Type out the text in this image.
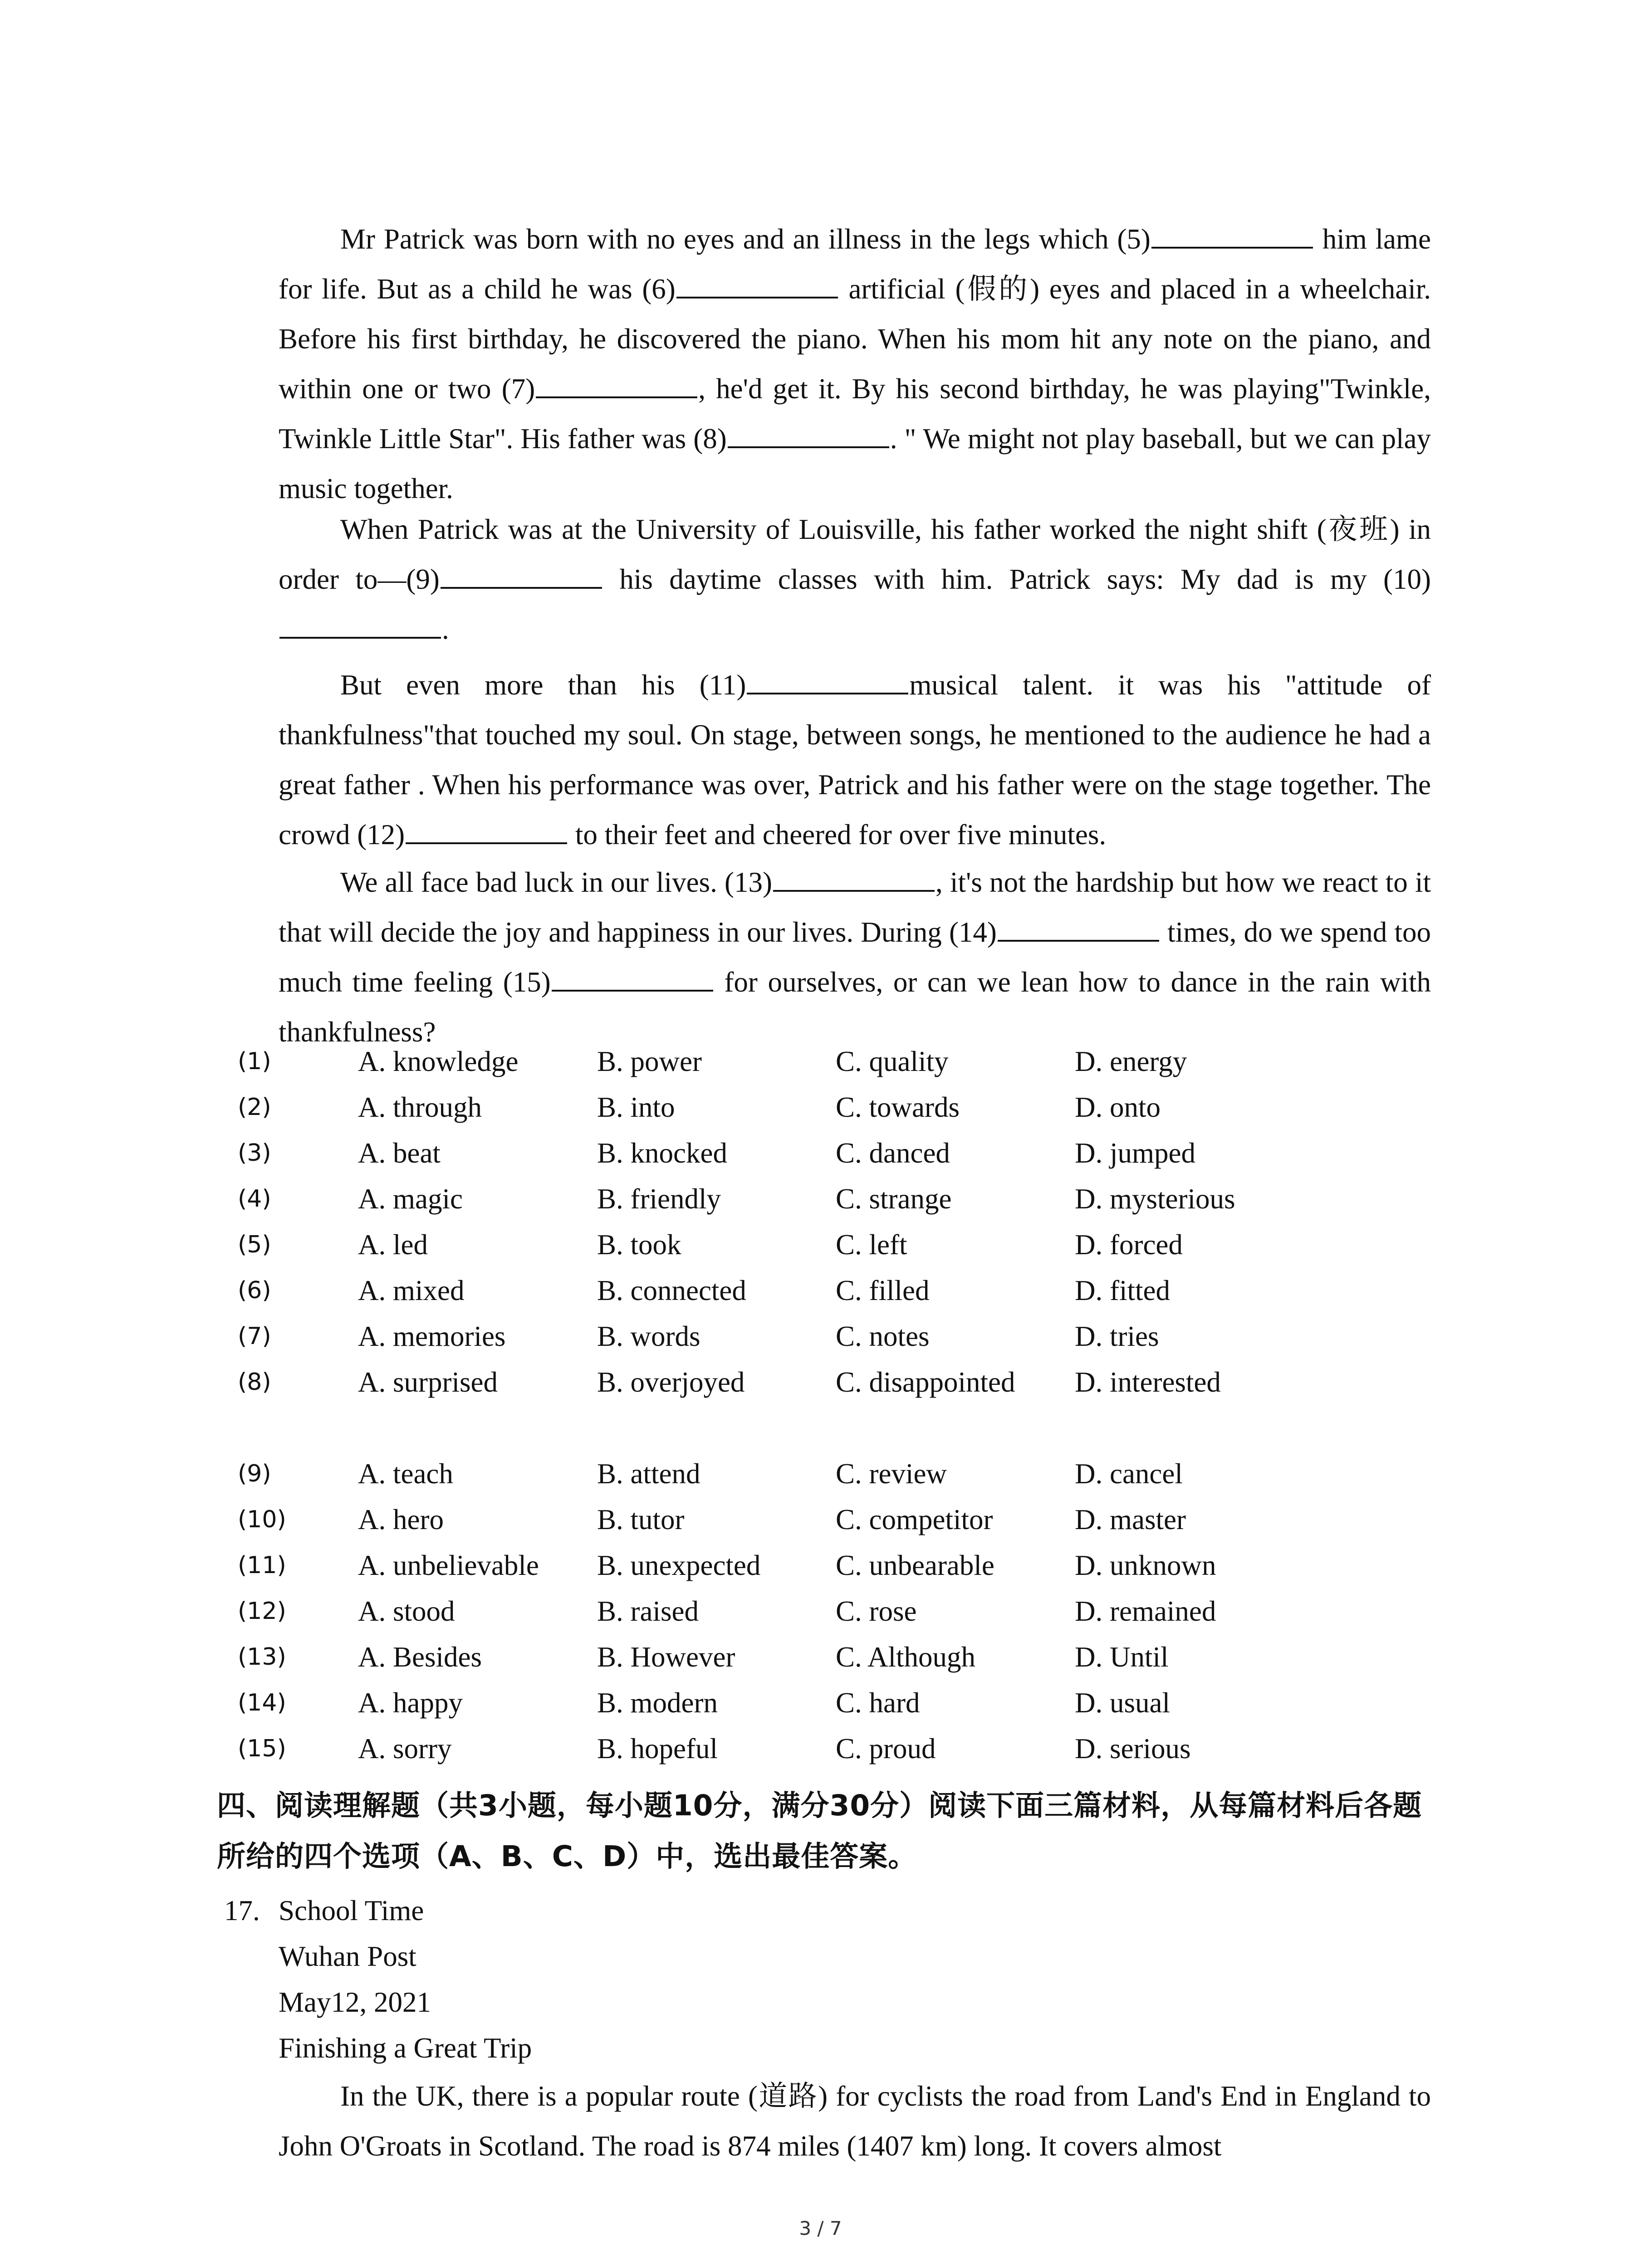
Mr Patrick was born with no eyes and an illness in the legs which (5)	him lame for life. But as a child he was (6)	artificial (假的) eyes and placed in a wheelchair. Before his first birthday, he discovered the piano. When his mom hit any note on the piano, and within one or two (7)	, he'd get it. By his second birthday, he was playing"Twinkle, Twinkle Little Star". His father was (8)	. " We might not play baseball, but we can play music together.

When Patrick was at the University of Louisville, his father worked the night shift (夜班) in order to—(9)	his daytime classes with him. Patrick says: My dad is my (10).

But even more than his (11)	musical talent. it was his "attitude of thankfulness"that touched my soul. On stage, between songs, he mentioned to the audience he had a great father . When his performance was over, Patrick and his father were on the stage together. The crowd (12)	to their feet and cheered for over five minutes.

We all face bad luck in our lives. (13)	, it's not the hardship but how we react to it that will decide the joy and happiness in our lives. During (14)	times, do we spend too much time feeling (15)	for ourselves, or can we lean how to dance in the rain with thankfulness?

(1)	A. knowledge	B. power	C. quality	D. energy
(2)	A. through	B. into	C. towards	D. onto
(3)	A. beat	B. knocked	C. danced	D. jumped
(4)	A. magic	B. friendly	C. strange	D. mysterious
(5)	A. led	B. took	C. left	D. forced
(6)	A. mixed	B. connected	C. filled	D. fitted
(7)	A. memories	B. words	C. notes	D. tries
(8)	A. surprised	B. overjoyed	C. disappointed D. interested
(9)	A. teach	B. attend	C. review	D. cancel
(10)	A. hero	B. tutor	C. competitor	D. master
(11)	A. unbelievable B. unexpected	C. unbearable	D. unknown
(12)	A. stood	B. raised	C. rose	D. remained
(13)	A. Besides	B. However	C. Although	D. Until
(14)	A. happy	B. modern	C. hard	D. usual
(15)	A. sorry	B. hopeful	C. proud	D. serious

四、阅读理解题（共3小题，每小题10分，满分30分）阅读下面三篇材料，从每篇材料后各题所给的四个选项（A、B、C、D）中，选出最佳答案。

17. School Time
Wuhan Post
May12, 2021
Finishing a Great Trip

In the UK, there is a popular route (道路) for cyclists the road from Land's End in England to John O'Groats in Scotland. The road is 874 miles (1407 km) long. It covers almost

3 / 7
